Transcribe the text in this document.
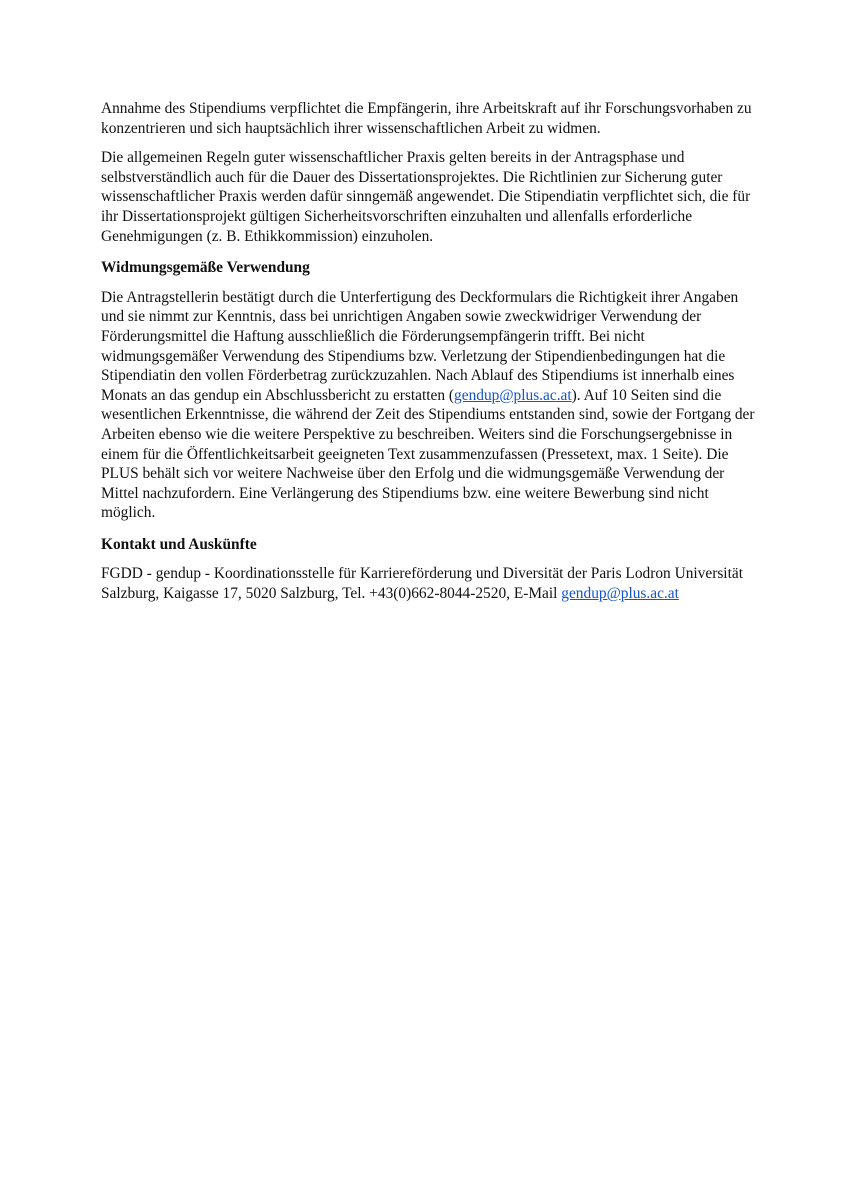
Annahme des Stipendiums verpflichtet die Empfängerin, ihre Arbeitskraft auf ihr Forschungsvorhaben zu konzentrieren und sich hauptsächlich ihrer wissenschaftlichen Arbeit zu widmen.

Die allgemeinen Regeln guter wissenschaftlicher Praxis gelten bereits in der Antragsphase und selbstverständlich auch für die Dauer des Dissertationsprojektes. Die Richtlinien zur Sicherung guter wissenschaftlicher Praxis werden dafür sinngemäß angewendet. Die Stipendiatin verpflichtet sich, die für ihr Dissertationsprojekt gültigen Sicherheitsvorschriften einzuhalten und allenfalls erforderliche Genehmigungen (z. B. Ethikkommission) einzuholen.

Widmungsgemäße Verwendung

Die Antragstellerin bestätigt durch die Unterfertigung des Deckformulars die Richtigkeit ihrer Angaben und sie nimmt zur Kenntnis, dass bei unrichtigen Angaben sowie zweckwidriger Verwendung der Förderungsmittel die Haftung ausschließlich die Förderungsempfängerin trifft. Bei nicht widmungsgemäßer Verwendung des Stipendiums bzw. Verletzung der Stipendienbedingungen hat die Stipendiatin den vollen Förderbetrag zurückzuzahlen. Nach Ablauf des Stipendiums ist innerhalb eines Monats an das gendup ein Abschlussbericht zu erstatten (gendup@plus.ac.at). Auf 10 Seiten sind die wesentlichen Erkenntnisse, die während der Zeit des Stipendiums entstanden sind, sowie der Fortgang der Arbeiten ebenso wie die weitere Perspektive zu beschreiben. Weiters sind die Forschungsergebnisse in einem für die Öffentlichkeitsarbeit geeigneten Text zusammenzufassen (Pressetext, max. 1 Seite). Die PLUS behält sich vor weitere Nachweise über den Erfolg und die widmungsgemäße Verwendung der Mittel nachzufordern. Eine Verlängerung des Stipendiums bzw. eine weitere Bewerbung sind nicht möglich.

Kontakt und Auskünfte

FGDD - gendup - Koordinationsstelle für Karriereförderung und Diversität der Paris Lodron Universität Salzburg, Kaigasse 17, 5020 Salzburg, Tel. +43(0)662-8044-2520, E-Mail gendup@plus.ac.at
